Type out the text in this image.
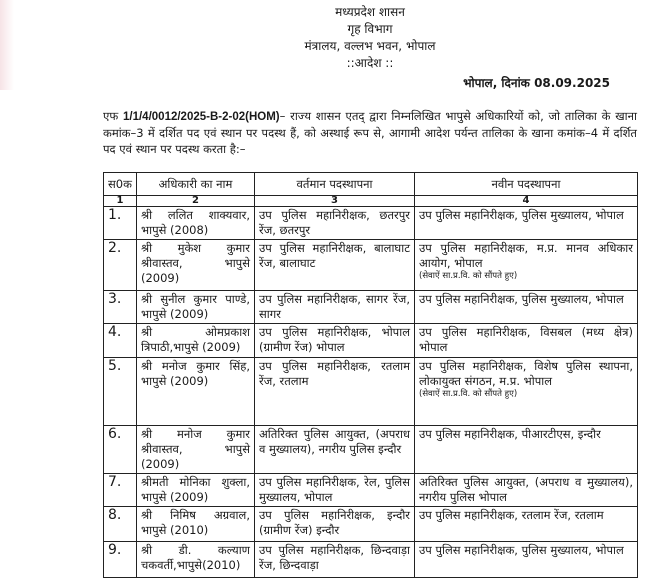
मध्यप्रदेश शासन
गृह विभाग
मंत्रालय, वल्लभ भवन, भोपाल
::आदेश ::
भोपाल, दिनांक 08.09.2025
एफ 1/1/4/0012/2025-B-2-02(HOM)– राज्य शासन एतद् द्वारा निम्नलिखित भापुसे अधिकारियों को, जो तालिका के खाना कमांक–3 में दर्शित पद एवं स्थान पर पदस्थ हैं, को अस्थाई रूप से, आगामी आदेश पर्यन्त तालिका के खाना कमांक–4 में दर्शित पद एवं स्थान पर पदस्थ करता है:–
स0क	अधिकारी का नाम	वर्तमान पदस्थापना	नवीन पदस्थापना
1	2	3	4
1.	श्री ललित शाक्यवार, भापुसे (2008)	उप पुलिस महानिरीक्षक, छतरपुर रेंज, छतरपुर	उप पुलिस महानिरीक्षक, पुलिस मुख्यालय, भोपाल
2.	श्री मुकेश कुमार श्रीवास्तव, भापुसे (2009)	उप पुलिस महानिरीक्षक, बालाघाट रेंज, बालाघाट	उप पुलिस महानिरीक्षक, म.प्र. मानव अधिकार आयोग, भोपाल
(सेवाऐं सा.प्र.वि. को सौंपते हुए)

3.	श्री सुनील कुमार पाण्डे, भापुसे (2009)	उप पुलिस महानिरीक्षक, सागर रेंज, सागर	उप पुलिस महानिरीक्षक, पुलिस मुख्यालय, भोपाल
4.	श्री ओमप्रकाश त्रिपाठी,भापुसे (2009)	उप पुलिस महानिरीक्षक, भोपाल (ग्रामीण रेंज) भोपाल	उप पुलिस महानिरीक्षक, विसबल (मध्य क्षेत्र) भोपाल
5.	श्री मनोज कुमार सिंह, भापुसे (2009)	उप पुलिस महानिरीक्षक, रतलाम रेंज, रतलाम	उप पुलिस महानिरीक्षक, विशेष पुलिस स्थापना, लोकायुक्त संगठन, म.प्र. भोपाल
(सेवाऐं सा.प्र.वि. को सौंपते हुए)

6.	श्री मनोज कुमार श्रीवास्तव, भापुसे (2009)	अतिरिक्त पुलिस आयुक्त, (अपराध व मुख्यालय), नगरीय पुलिस इन्दौर	उप पुलिस महानिरीक्षक, पीआरटीएस, इन्दौर
7.	श्रीमती मोनिका शुक्ला, भापुसे (2009)	उप पुलिस महानिरीक्षक, रेल, पुलिस मुख्यालय, भोपाल	अतिरिक्त पुलिस आयुक्त, (अपराध व मुख्यालय), नगरीय पुलिस भोपाल
8.	श्री निमिष अग्रवाल, भापुसे (2010)	उप पुलिस महानिरीक्षक, इन्दौर (ग्रामीण रेंज) इन्दौर	उप पुलिस महानिरीक्षक, रतलाम रेंज, रतलाम
9.	श्री डी. कल्याण चकवर्ती,भापुसे(2010)	उप पुलिस महानिरीक्षक, छिन्दवाड़ा रेंज, छिन्दवाड़ा	उप पुलिस महानिरीक्षक, पुलिस मुख्यालय, भोपाल
